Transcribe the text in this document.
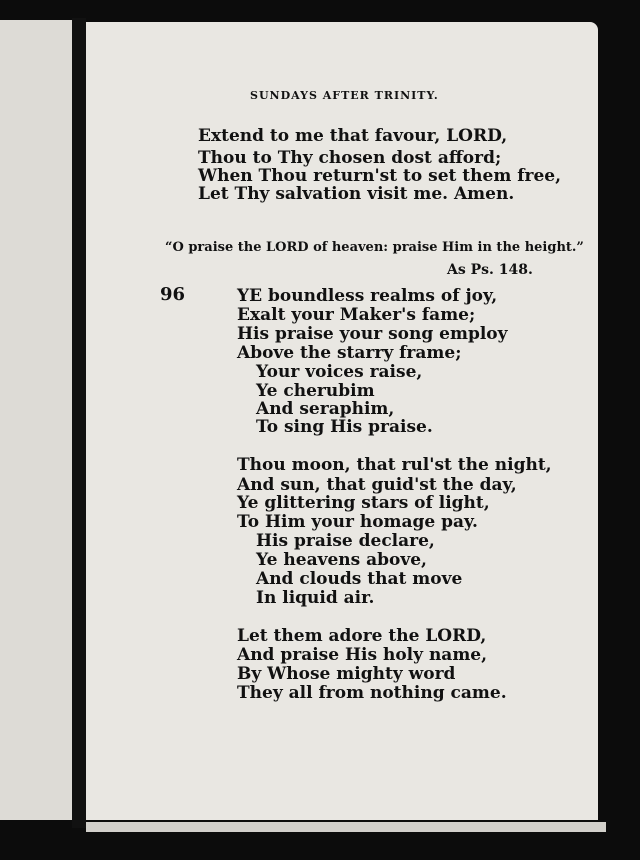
SUNDAYS AFTER TRINITY.
Extend to me that favour, LORD,
Thou to Thy chosen dost afford;
When Thou return'st to set them free,
Let Thy salvation visit me. Amen.
“O praise the LORD of heaven: praise Him in the height.”
As Ps. 148.
96	YE boundless realms of joy,
Exalt your Maker's fame;
His praise your song employ
Above the starry frame;
Your voices raise,
Ye cherubim
And seraphim,
To sing His praise.
Thou moon, that rul'st the night,
And sun, that guid'st the day,
Ye glittering stars of light,
To Him your homage pay.
His praise declare,
Ye heavens above,
And clouds that move
In liquid air.
Let them adore the LORD,
And praise His holy name,
By Whose mighty word
They all from nothing came.
